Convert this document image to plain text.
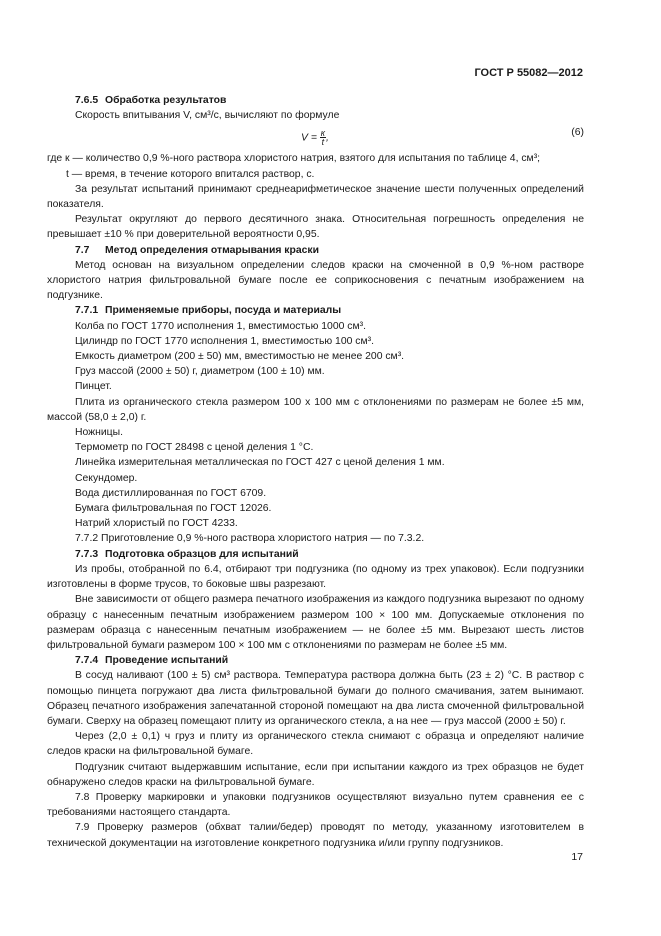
ГОСТ Р 55082—2012

7.6.5 Обработка результатов

Скорость впитывания V, см³/с, вычисляют по формуле

$V = \frac{к}{t}$ ,	(6)
где к — количество 0,9 %-ного раствора хлористого натрия, взятого для испытания по таблице 4, см³;
t — время, в течение которого впитался раствор, с.

За результат испытаний принимают среднеарифметическое значение шести полученных определений показателя.

Результат округляют до первого десятичного знака. Относительная погрешность определения не превышает ±10 % при доверительной вероятности 0,95.

7.7 Метод определения отмарывания краски

Метод основан на визуальном определении следов краски на смоченной в 0,9 %-ном растворе хлористого натрия фильтровальной бумаге после ее соприкосновения с печатным изображением на подгузнике.

7.7.1 Применяемые приборы, посуда и материалы

Колба по ГОСТ 1770 исполнения 1, вместимостью 1000 см³.

Цилиндр по ГОСТ 1770 исполнения 1, вместимостью 100 см³.

Емкость диаметром (200 ± 50) мм, вместимостью не менее 200 см³.

Груз массой (2000 ± 50) г, диаметром (100 ± 10) мм.

Пинцет.

Плита из органического стекла размером 100 х 100 мм с отклонениями по размерам не более ±5 мм, массой (58,0 ± 2,0) г.

Ножницы.

Термометр по ГОСТ 28498 с ценой деления 1 °С.

Линейка измерительная металлическая по ГОСТ 427 с ценой деления 1 мм.

Секундомер.

Вода дистиллированная по ГОСТ 6709.

Бумага фильтровальная по ГОСТ 12026.

Натрий хлористый по ГОСТ 4233.

7.7.2 Приготовление 0,9 %-ного раствора хлористого натрия — по 7.3.2.

7.7.3 Подготовка образцов для испытаний

Из пробы, отобранной по 6.4, отбирают три подгузника (по одному из трех упаковок). Если подгузники изготовлены в форме трусов, то боковые швы разрезают.

Вне зависимости от общего размера печатного изображения из каждого подгузника вырезают по одному образцу с нанесенным печатным изображением размером 100 × 100 мм. Допускаемые отклонения по размерам образца с нанесенным печатным изображением — не более ±5 мм. Вырезают шесть листов фильтровальной бумаги размером 100 × 100 мм с отклонениями по размерам не более ±5 мм.

7.7.4 Проведение испытаний

В сосуд наливают (100 ± 5) см³ раствора. Температура раствора должна быть (23 ± 2) °С. В раствор с помощью пинцета погружают два листа фильтровальной бумаги до полного смачивания, затем вынимают. Образец печатного изображения запечатанной стороной помещают на два листа смоченной фильтровальной бумаги. Сверху на образец помещают плиту из органического стекла, а на нее — груз массой (2000 ± 50) г.

Через (2,0 ± 0,1) ч груз и плиту из органического стекла снимают с образца и определяют наличие следов краски на фильтровальной бумаге.

Подгузник считают выдержавшим испытание, если при испытании каждого из трех образцов не будет обнаружено следов краски на фильтровальной бумаге.

7.8 Проверку маркировки и упаковки подгузников осуществляют визуально путем сравнения ее с требованиями настоящего стандарта.

7.9 Проверку размеров (обхват талии/бедер) проводят по методу, указанному изготовителем в технической документации на изготовление конкретного подгузника и/или группу подгузников.

17
